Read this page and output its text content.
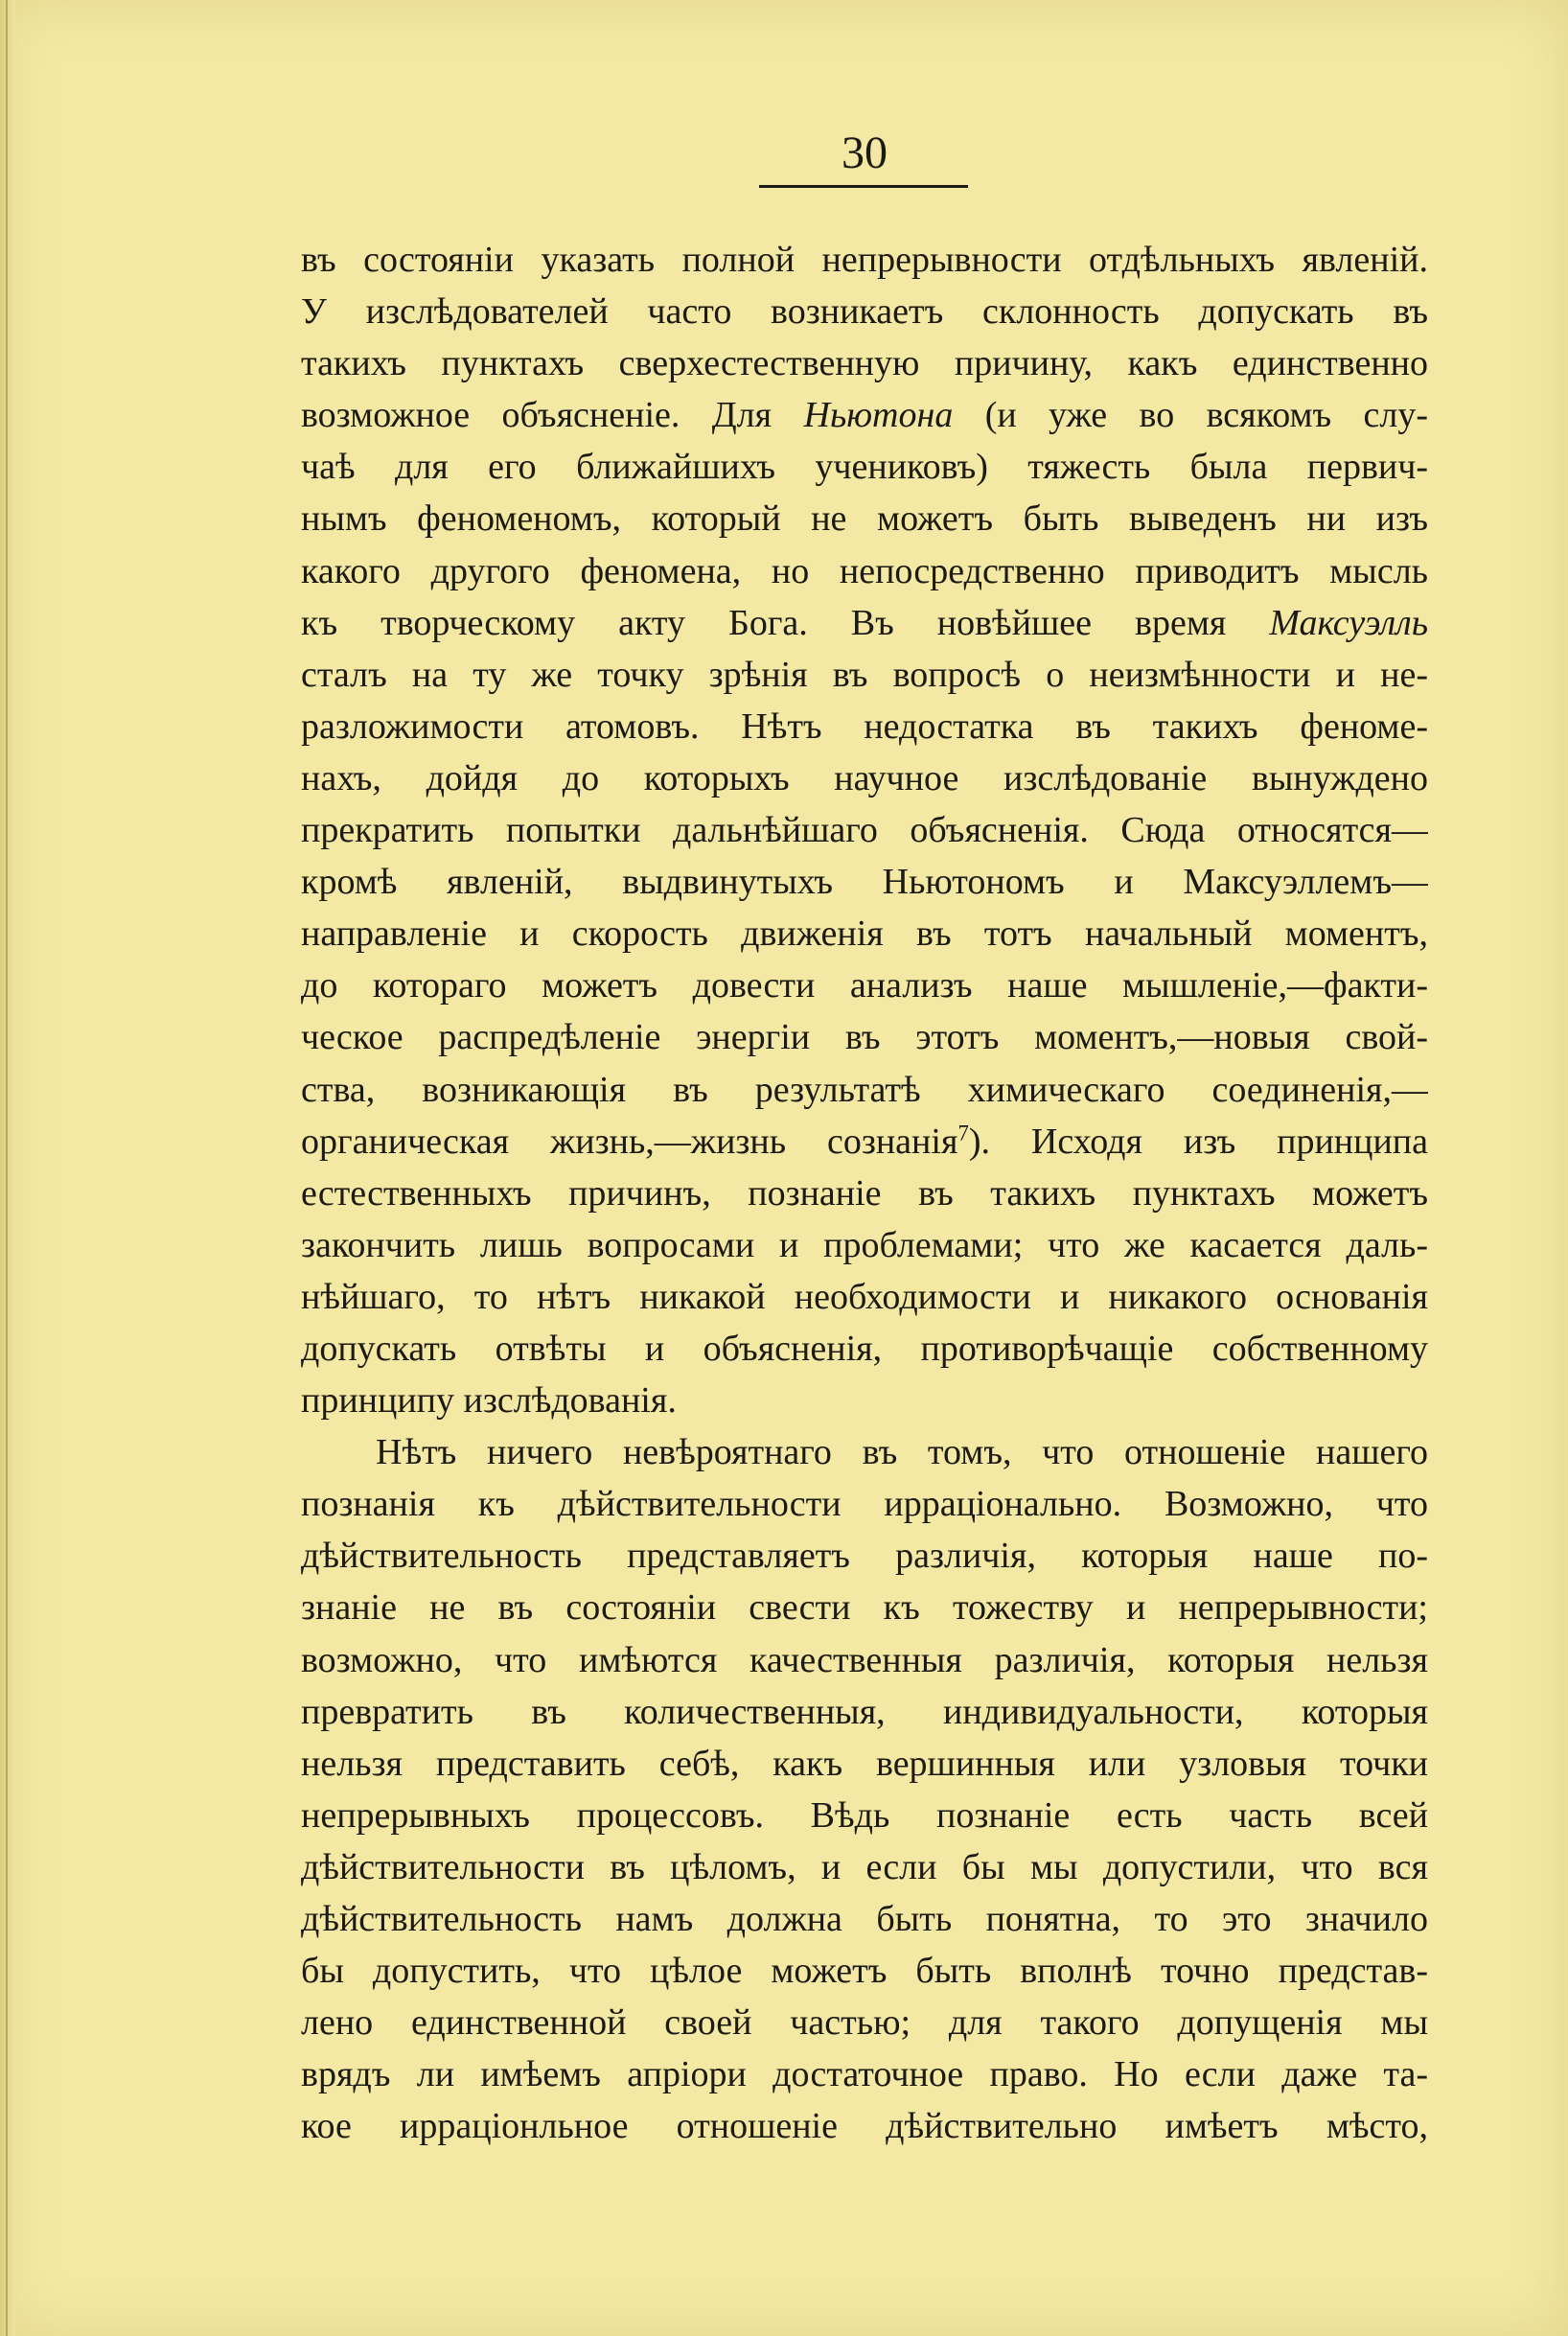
30
въ состояніи указать полной непрерывности отдѣльныхъ явленій.
У изслѣдователей часто возникаетъ склонность допускать въ
такихъ пунктахъ сверхестественную причину, какъ единственно
возможное объясненіе. Для Ньютона (и уже во всякомъ слу-
чаѣ для его ближайшихъ учениковъ) тяжесть была первич-
нымъ феноменомъ, который не можетъ быть выведенъ ни изъ
какого другого феномена, но непосредственно приводитъ мысль
къ творческому акту Бога. Въ новѣйшее время Максуэлль
сталъ на ту же точку зрѣнія въ вопросѣ о неизмѣнности и не-
разложимости атомовъ. Нѣтъ недостатка въ такихъ феноме-
нахъ, дойдя до которыхъ научное изслѣдованіе вынуждено
прекратить попытки дальнѣйшаго объясненія. Сюда относятся—
кромѣ явленій, выдвинутыхъ Ньютономъ и Максуэллемъ—
направленіе и скорость движенія въ тотъ начальный моментъ,
до котораго можетъ довести анализъ наше мышленіе,—факти-
ческое распредѣленіе энергіи въ этотъ моментъ,—новыя свой-
ства, возникающія въ результатѣ химическаго соединенія,—
органическая жизнь,—жизнь сознанія$^7$). Исходя изъ принципа
естественныхъ причинъ, познаніе въ такихъ пунктахъ можетъ
закончить лишь вопросами и проблемами; что же касается даль-
нѣйшаго, то нѣтъ никакой необходимости и никакого основанія
допускать отвѣты и объясненія, противорѣчащіе собственному
принципу изслѣдованія.
Нѣтъ ничего невѣроятнаго въ томъ, что отношеніе нашего
познанія къ дѣйствительности ирраціонально. Возможно, что
дѣйствительность представляетъ различія, которыя наше по-
знаніе не въ состояніи свести къ тожеству и непрерывности;
возможно, что имѣются качественныя различія, которыя нельзя
превратить въ количественныя, индивидуальности, которыя
нельзя представить себѣ, какъ вершинныя или узловыя точки
непрерывныхъ процессовъ. Вѣдь познаніе есть часть всей
дѣйствительности въ цѣломъ, и если бы мы допустили, что вся
дѣйствительность намъ должна быть понятна, то это значило
бы допустить, что цѣлое можетъ быть вполнѣ точно представ-
лено единственной своей частью; для такого допущенія мы
врядъ ли имѣемъ апріори достаточное право. Но если даже та-
кое ирраціонльное отношеніе дѣйствительно имѣетъ мѣсто,
